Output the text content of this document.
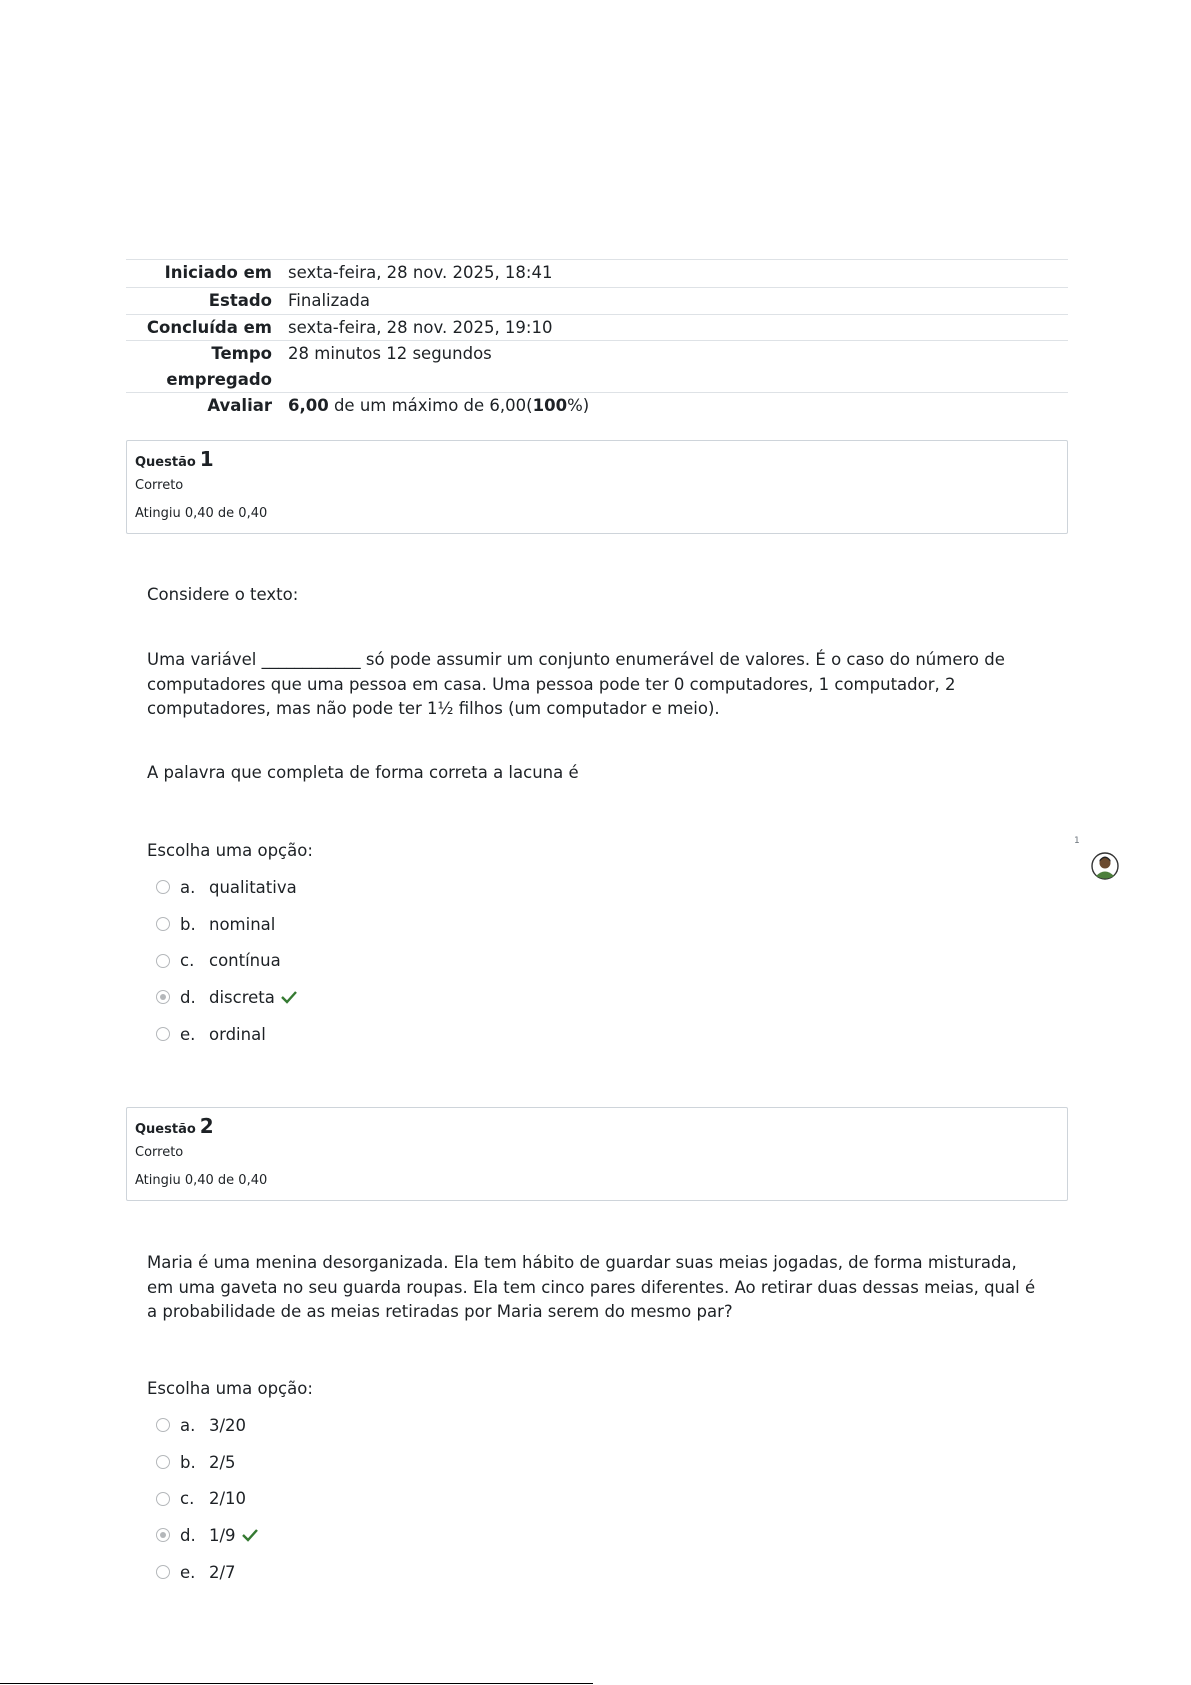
Iniciado em sexta-feira, 28 nov. 2025, 18:41
Estado Finalizada
Concluída em sexta-feira, 28 nov. 2025, 19:10
Tempo
empregado
28 minutos 12 segundos
Avaliar 6,00 de um máximo de 6,00(100%)
Questão 1
Correto
Atingiu 0,40 de 0,40

Considere o texto:

Uma variável ____________ só pode assumir um conjunto enumerável de valores. É o caso do número de computadores que uma pessoa em casa. Uma pessoa pode ter 0 computadores, 1 computador, 2 computadores, mas não pode ter 1½ filhos (um computador e meio).

A palavra que completa de forma correta a lacuna é

Escolha uma opção:
a. qualitativa
b. nominal
c. contínua
d. discreta
e. ordinal
1
Questão 2
Correto
Atingiu 0,40 de 0,40

Maria é uma menina desorganizada. Ela tem hábito de guardar suas meias jogadas, de forma misturada, em uma gaveta no seu guarda roupas. Ela tem cinco pares diferentes. Ao retirar duas dessas meias, qual é a probabilidade de as meias retiradas por Maria serem do mesmo par?

Escolha uma opção:
a. 3/20
b. 2/5
c. 2/10
d. 1/9
e. 2/7
